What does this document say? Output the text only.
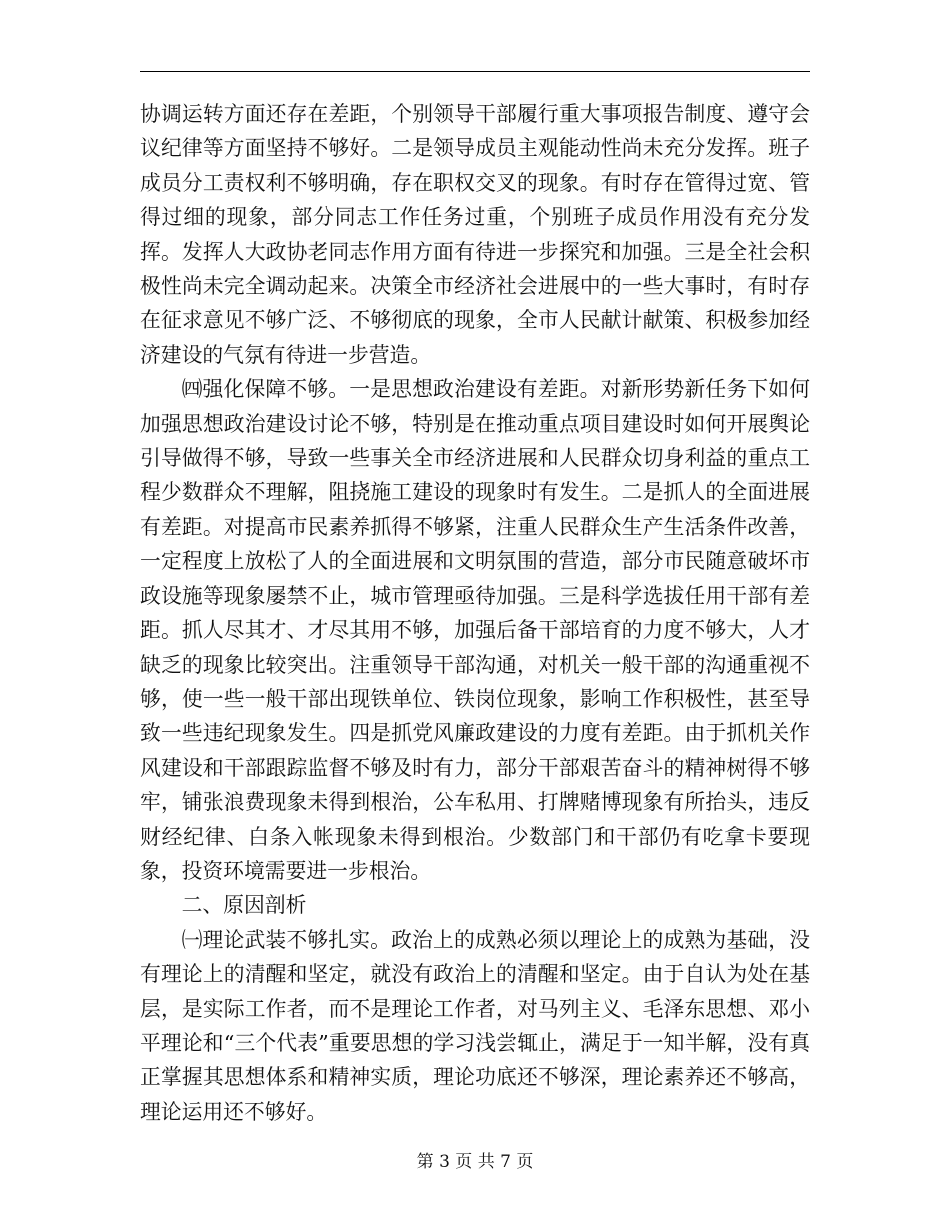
协调运转方面还存在差距，个别领导干部履行重大事项报告制度、遵守会议纪律等方面坚持不够好。二是领导成员主观能动性尚未充分发挥。班子成员分工责权利不够明确，存在职权交叉的现象。有时存在管得过宽、管得过细的现象，部分同志工作任务过重，个别班子成员作用没有充分发挥。发挥人大政协老同志作用方面有待进一步探究和加强。三是全社会积极性尚未完全调动起来。决策全市经济社会进展中的一些大事时，有时存在征求意见不够广泛、不够彻底的现象，全市人民献计献策、积极参加经济建设的气氛有待进一步营造。

㈣强化保障不够。一是思想政治建设有差距。对新形势新任务下如何加强思想政治建设讨论不够，特别是在推动重点项目建设时如何开展舆论引导做得不够，导致一些事关全市经济进展和人民群众切身利益的重点工程少数群众不理解，阻挠施工建设的现象时有发生。二是抓人的全面进展有差距。对提高市民素养抓得不够紧，注重人民群众生产生活条件改善，一定程度上放松了人的全面进展和文明氛围的营造，部分市民随意破坏市政设施等现象屡禁不止，城市管理亟待加强。三是科学选拔任用干部有差距。抓人尽其才、才尽其用不够，加强后备干部培育的力度不够大，人才缺乏的现象比较突出。注重领导干部沟通，对机关一般干部的沟通重视不够，使一些一般干部出现铁单位、铁岗位现象，影响工作积极性，甚至导致一些违纪现象发生。四是抓党风廉政建设的力度有差距。由于抓机关作风建设和干部跟踪监督不够及时有力，部分干部艰苦奋斗的精神树得不够牢，铺张浪费现象未得到根治，公车私用、打牌赌博现象有所抬头，违反财经纪律、白条入帐现象未得到根治。少数部门和干部仍有吃拿卡要现象，投资环境需要进一步根治。

二、原因剖析

㈠理论武装不够扎实。政治上的成熟必须以理论上的成熟为基础，没有理论上的清醒和坚定，就没有政治上的清醒和坚定。由于自认为处在基层，是实际工作者，而不是理论工作者，对马列主义、毛泽东思想、邓小平理论和“三个代表”重要思想的学习浅尝辄止，满足于一知半解，没有真正掌握其思想体系和精神实质，理论功底还不够深，理论素养还不够高，理论运用还不够好。

第 3 页 共 7 页
